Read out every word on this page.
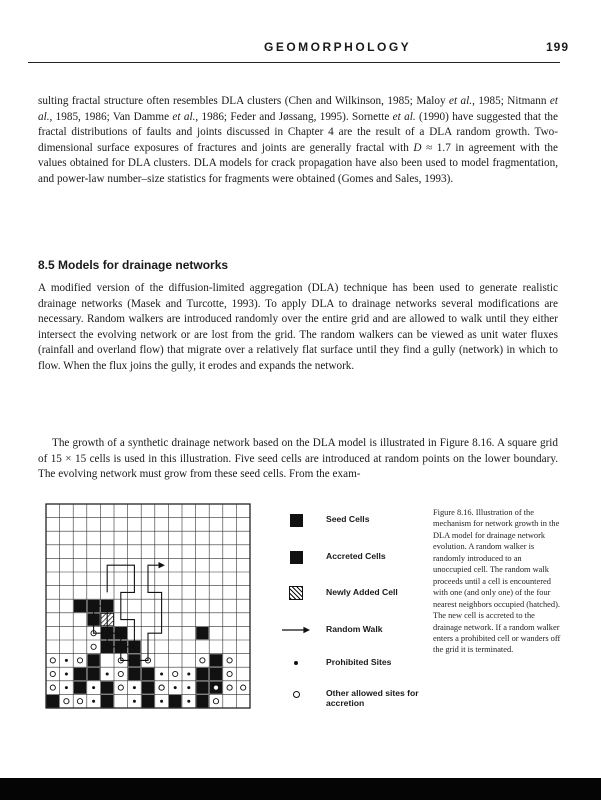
GEOMORPHOLOGY	199

sulting fractal structure often resembles DLA clusters (Chen and Wilkinson, 1985; Maloy et al., 1985; Nitmann et al., 1985, 1986; Van Damme et al., 1986; Feder and Jøssang, 1995). Sornette et al. (1990) have suggested that the fractal distributions of faults and joints discussed in Chapter 4 are the result of a DLA random growth. Two-dimensional surface exposures of fractures and joints are generally fractal with D ≈ 1.7 in agreement with the values obtained for DLA clusters. DLA models for crack propagation have also been used to model fragmentation, and power-law number–size statistics for fragments were obtained (Gomes and Sales, 1993).

8.5 Models for drainage networks

A modified version of the diffusion-limited aggregation (DLA) technique has been used to generate realistic drainage networks (Masek and Turcotte, 1993). To apply DLA to drainage networks several modifications are necessary. Random walkers are introduced randomly over the entire grid and are allowed to walk until they either intersect the evolving network or are lost from the grid. The random walkers can be viewed as unit water fluxes (rainfall and overland flow) that migrate over a relatively flat surface until they find a gully (network) in which to flow. When the flux joins the gully, it erodes and expands the network.

The growth of a synthetic drainage network based on the DLA model is illustrated in Figure 8.16. A square grid of 15 × 15 cells is used in this illustration. Five seed cells are introduced at random points on the lower boundary. The evolving network must grow from these seed cells. From the exam-

Seed Cells
Accreted Cells
Newly Added Cell
Random Walk
Prohibited Sites
Other allowed sites for accretion

Figure 8.16. Illustration of the mechanism for network growth in the DLA model for drainage network evolution. A random walker is randomly introduced to an unoccupied cell. The random walk proceeds until a cell is encountered with one (and only one) of the four nearest neighbors occupied (hatched). The new cell is accreted to the drainage network. If a random walker enters a prohibited cell or wanders off the grid it is terminated.
